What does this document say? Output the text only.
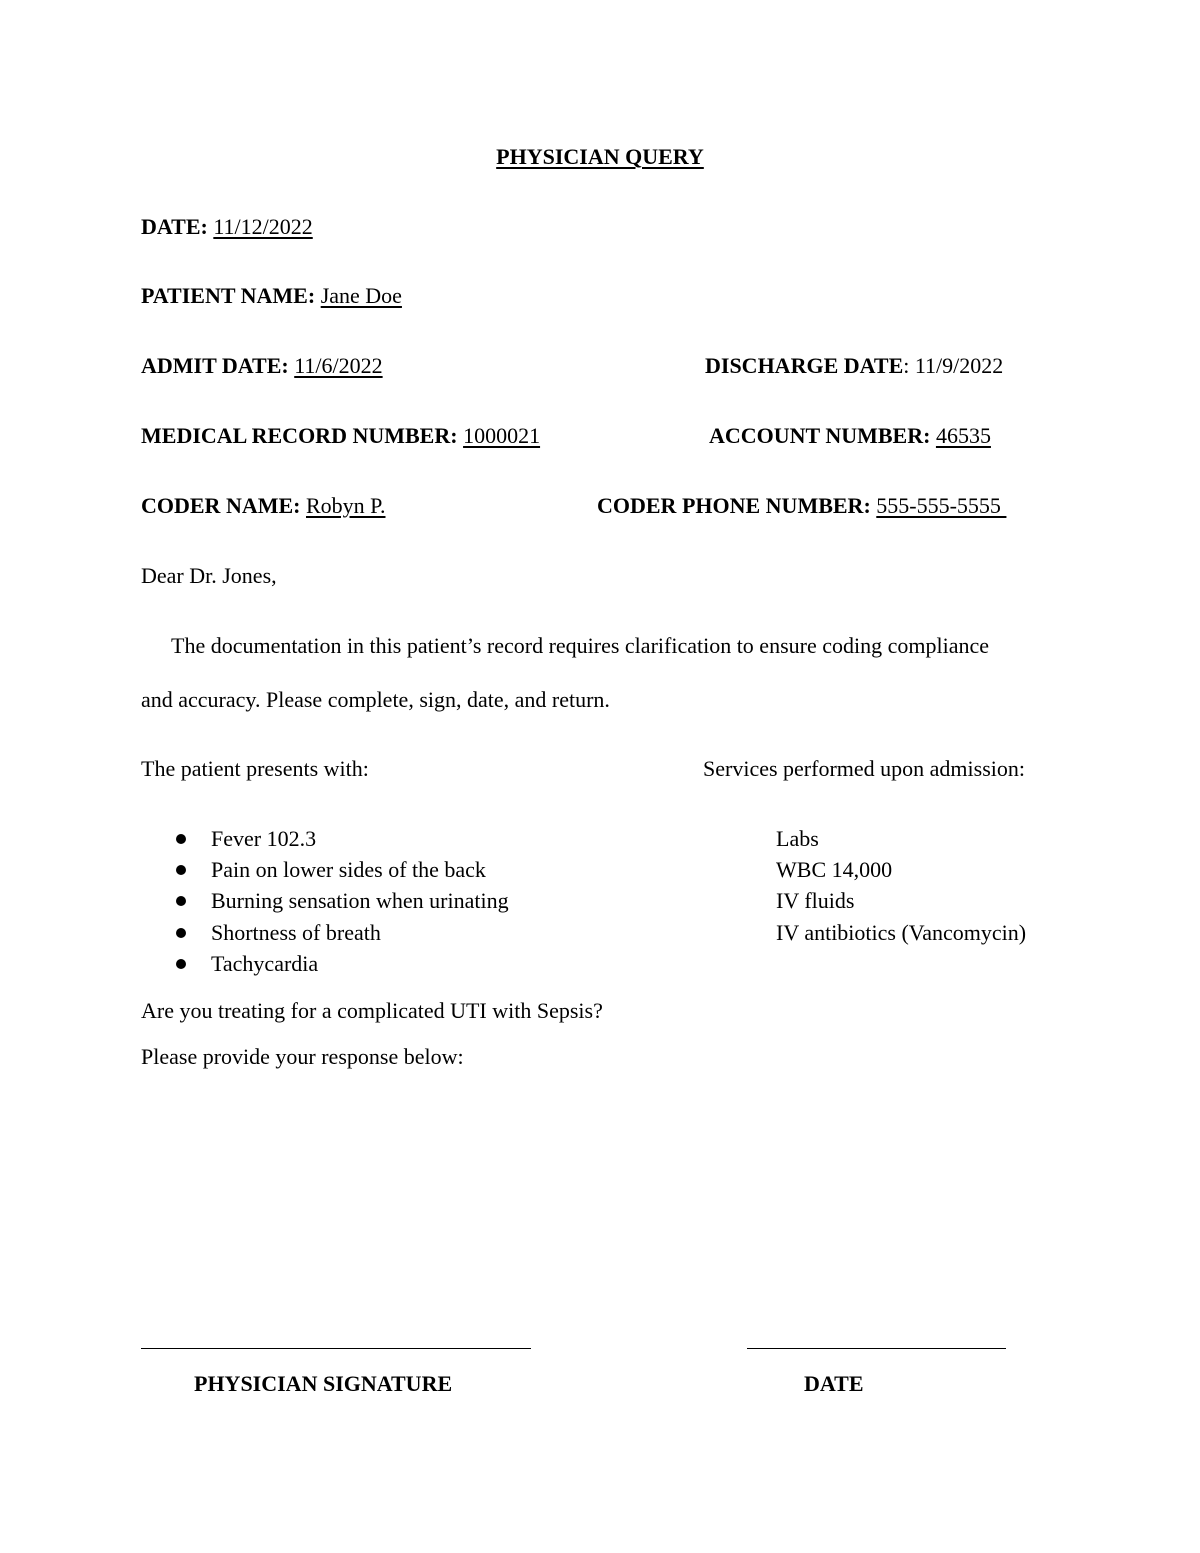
PHYSICIAN QUERY
DATE: 11/12/2022
PATIENT NAME: Jane Doe
ADMIT DATE: 11/6/2022	DISCHARGE DATE: 11/9/2022
MEDICAL RECORD NUMBER: 1000021	ACCOUNT NUMBER: 46535
CODER NAME: Robyn P.	CODER PHONE NUMBER: 555-555-5555
Dear Dr. Jones,
The documentation in this patient’s record requires clarification to ensure coding compliance
and accuracy. Please complete, sign, date, and return.
The patient presents with:	Services performed upon admission:
Fever 102.3
Pain on lower sides of the back
Burning sensation when urinating
Shortness of breath
Tachycardia
Labs
WBC 14,000
IV fluids
IV antibiotics (Vancomycin)
Are you treating for a complicated UTI with Sepsis?
Please provide your response below:
PHYSICIAN SIGNATURE	DATE
